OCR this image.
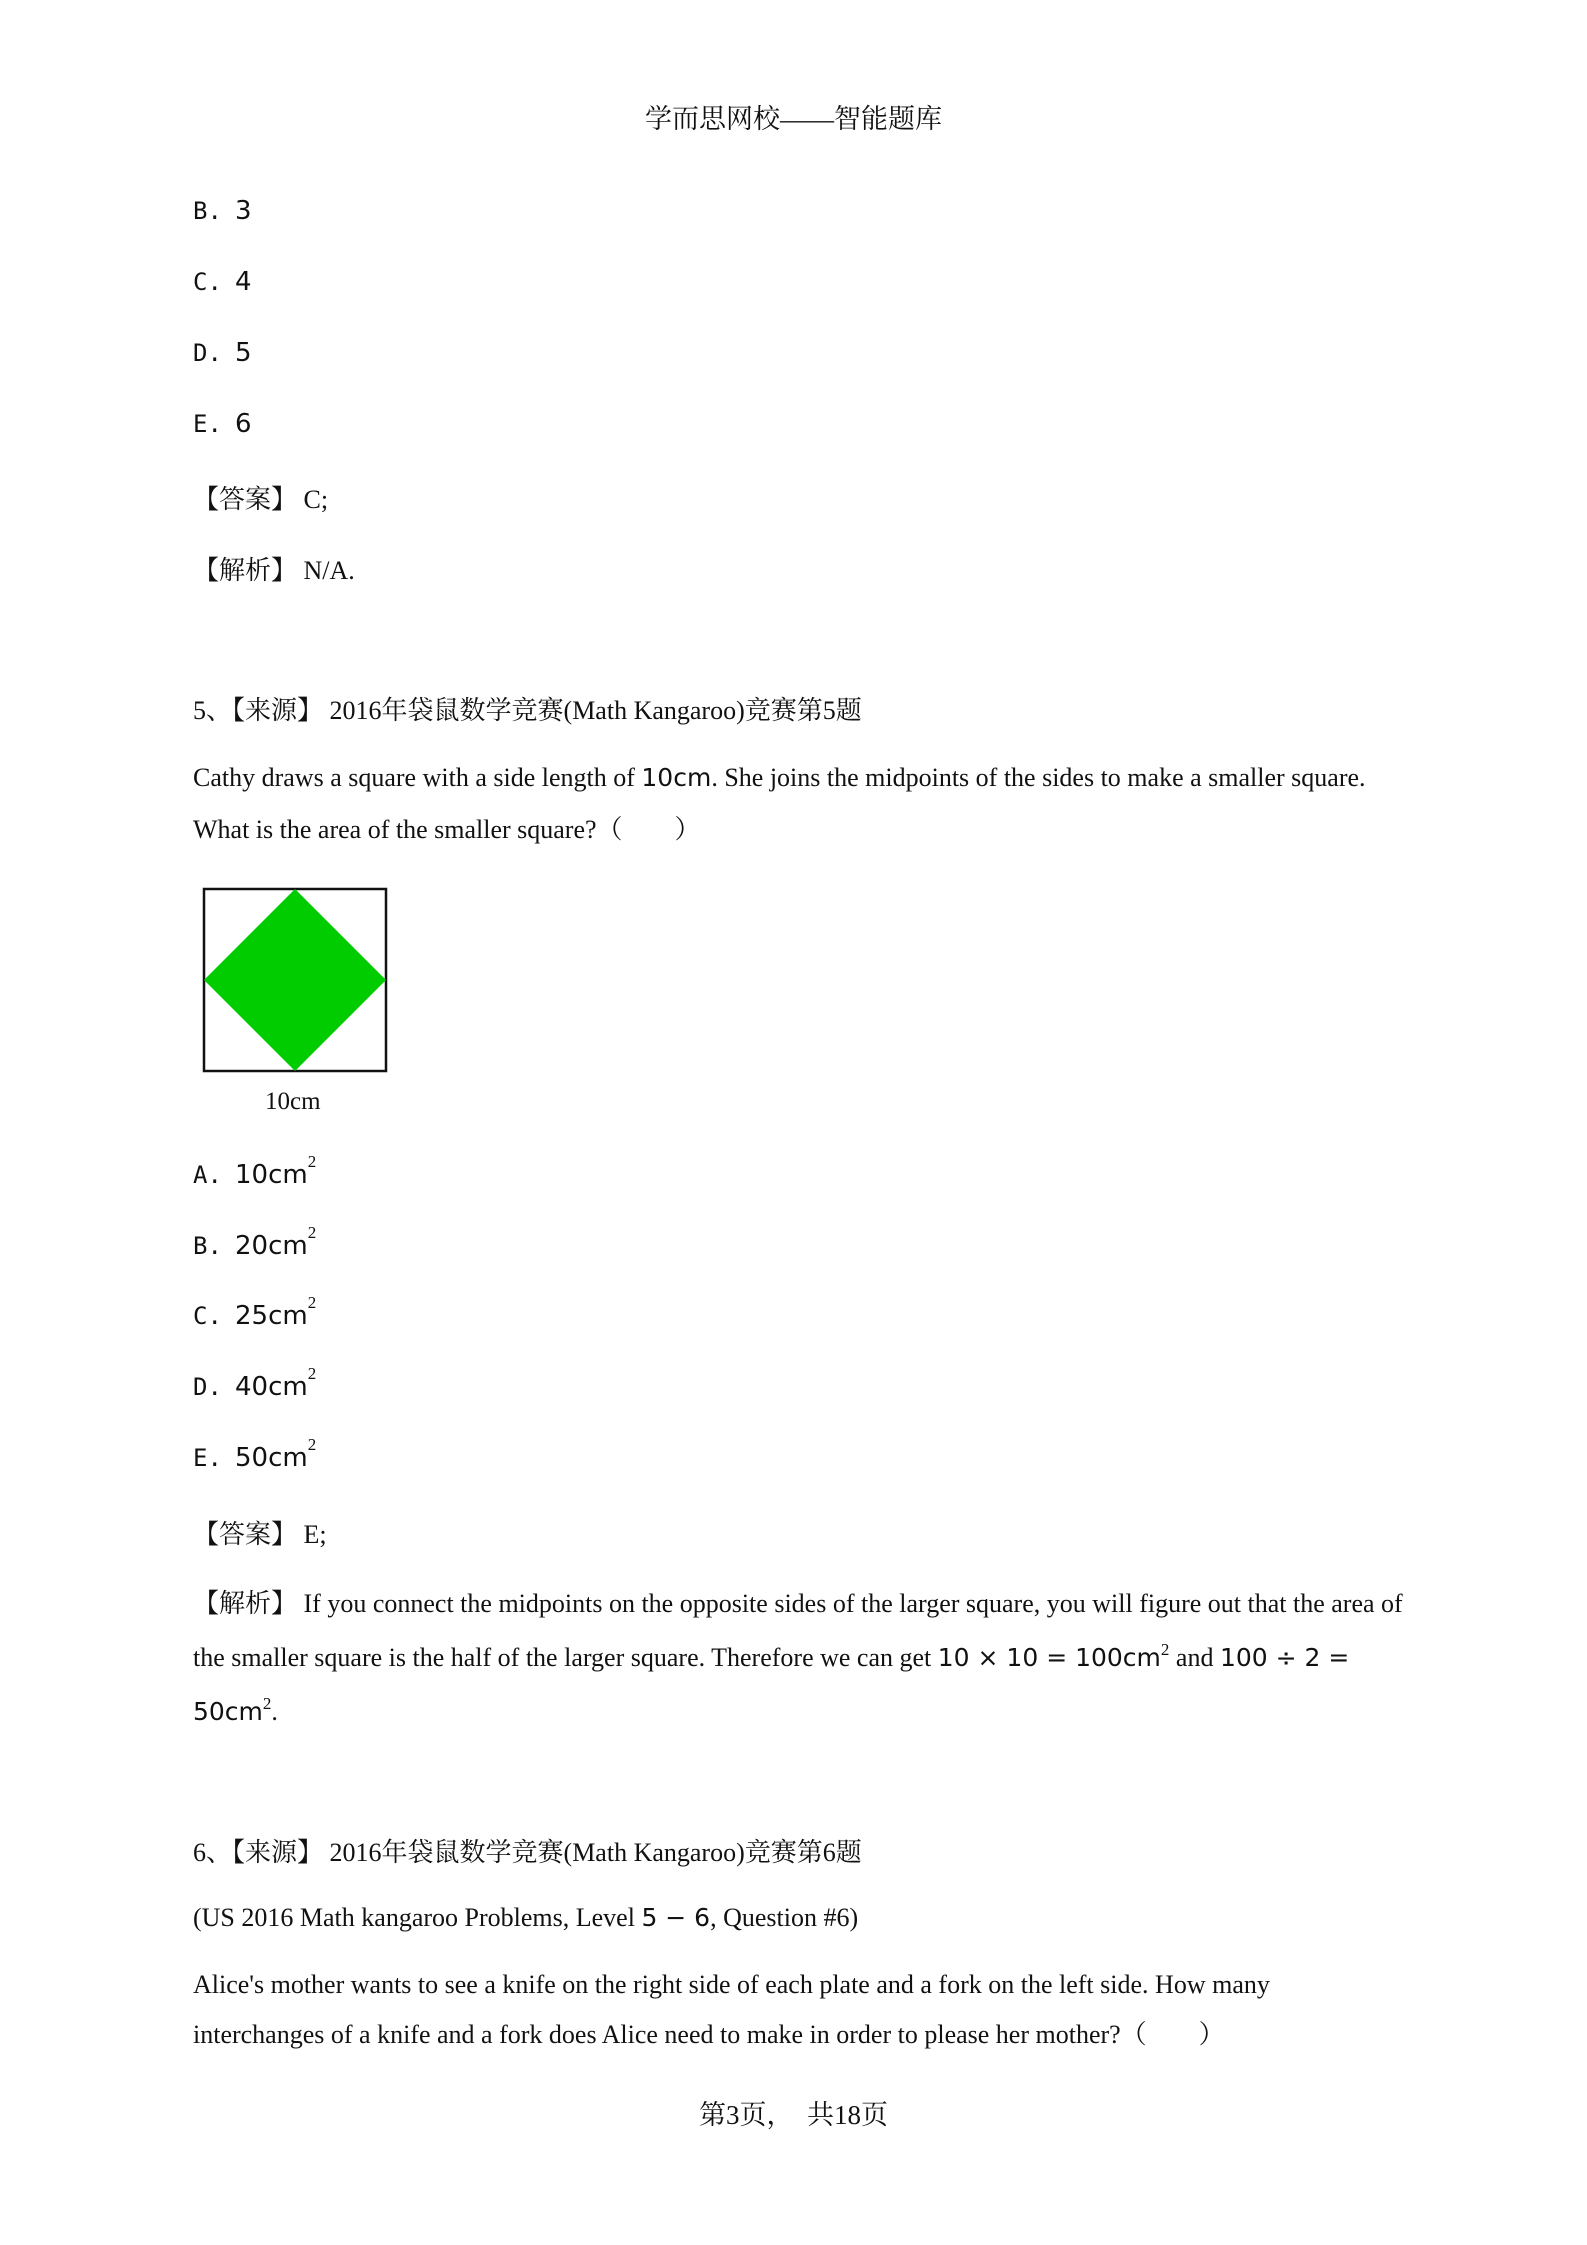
学而思网校——智能题库
B. 3
C. 4
D. 5
E. 6
【答案】 C;
【解析】 N/A.
5、【来源】 2016年袋鼠数学竞赛(Math Kangaroo)竞赛第5题
Cathy draws a square with a side length of 10cm. She joins the midpoints of the sides to make a smaller square. What is the area of the smaller square?（　　）
10cm
A. $10cm^2$
B. $20cm^2$
C. $25cm^2$
D. $40cm^2$
E. $50cm^2$
【答案】 E;
【解析】 If you connect the midpoints on the opposite sides of the larger square, you will figure out that the area of the smaller square is the half of the larger square. Therefore we can get $10 \times 10 = 100cm^2$ and $100 \div 2 = 50cm^2$.
6、【来源】 2016年袋鼠数学竞赛(Math Kangaroo)竞赛第6题
(US 2016 Math kangaroo Problems, Level 5 − 6, Question #6)
Alice's mother wants to see a knife on the right side of each plate and a fork on the left side. How many interchanges of a knife and a fork does Alice need to make in order to please her mother?（　　）
第3页，　共18页
